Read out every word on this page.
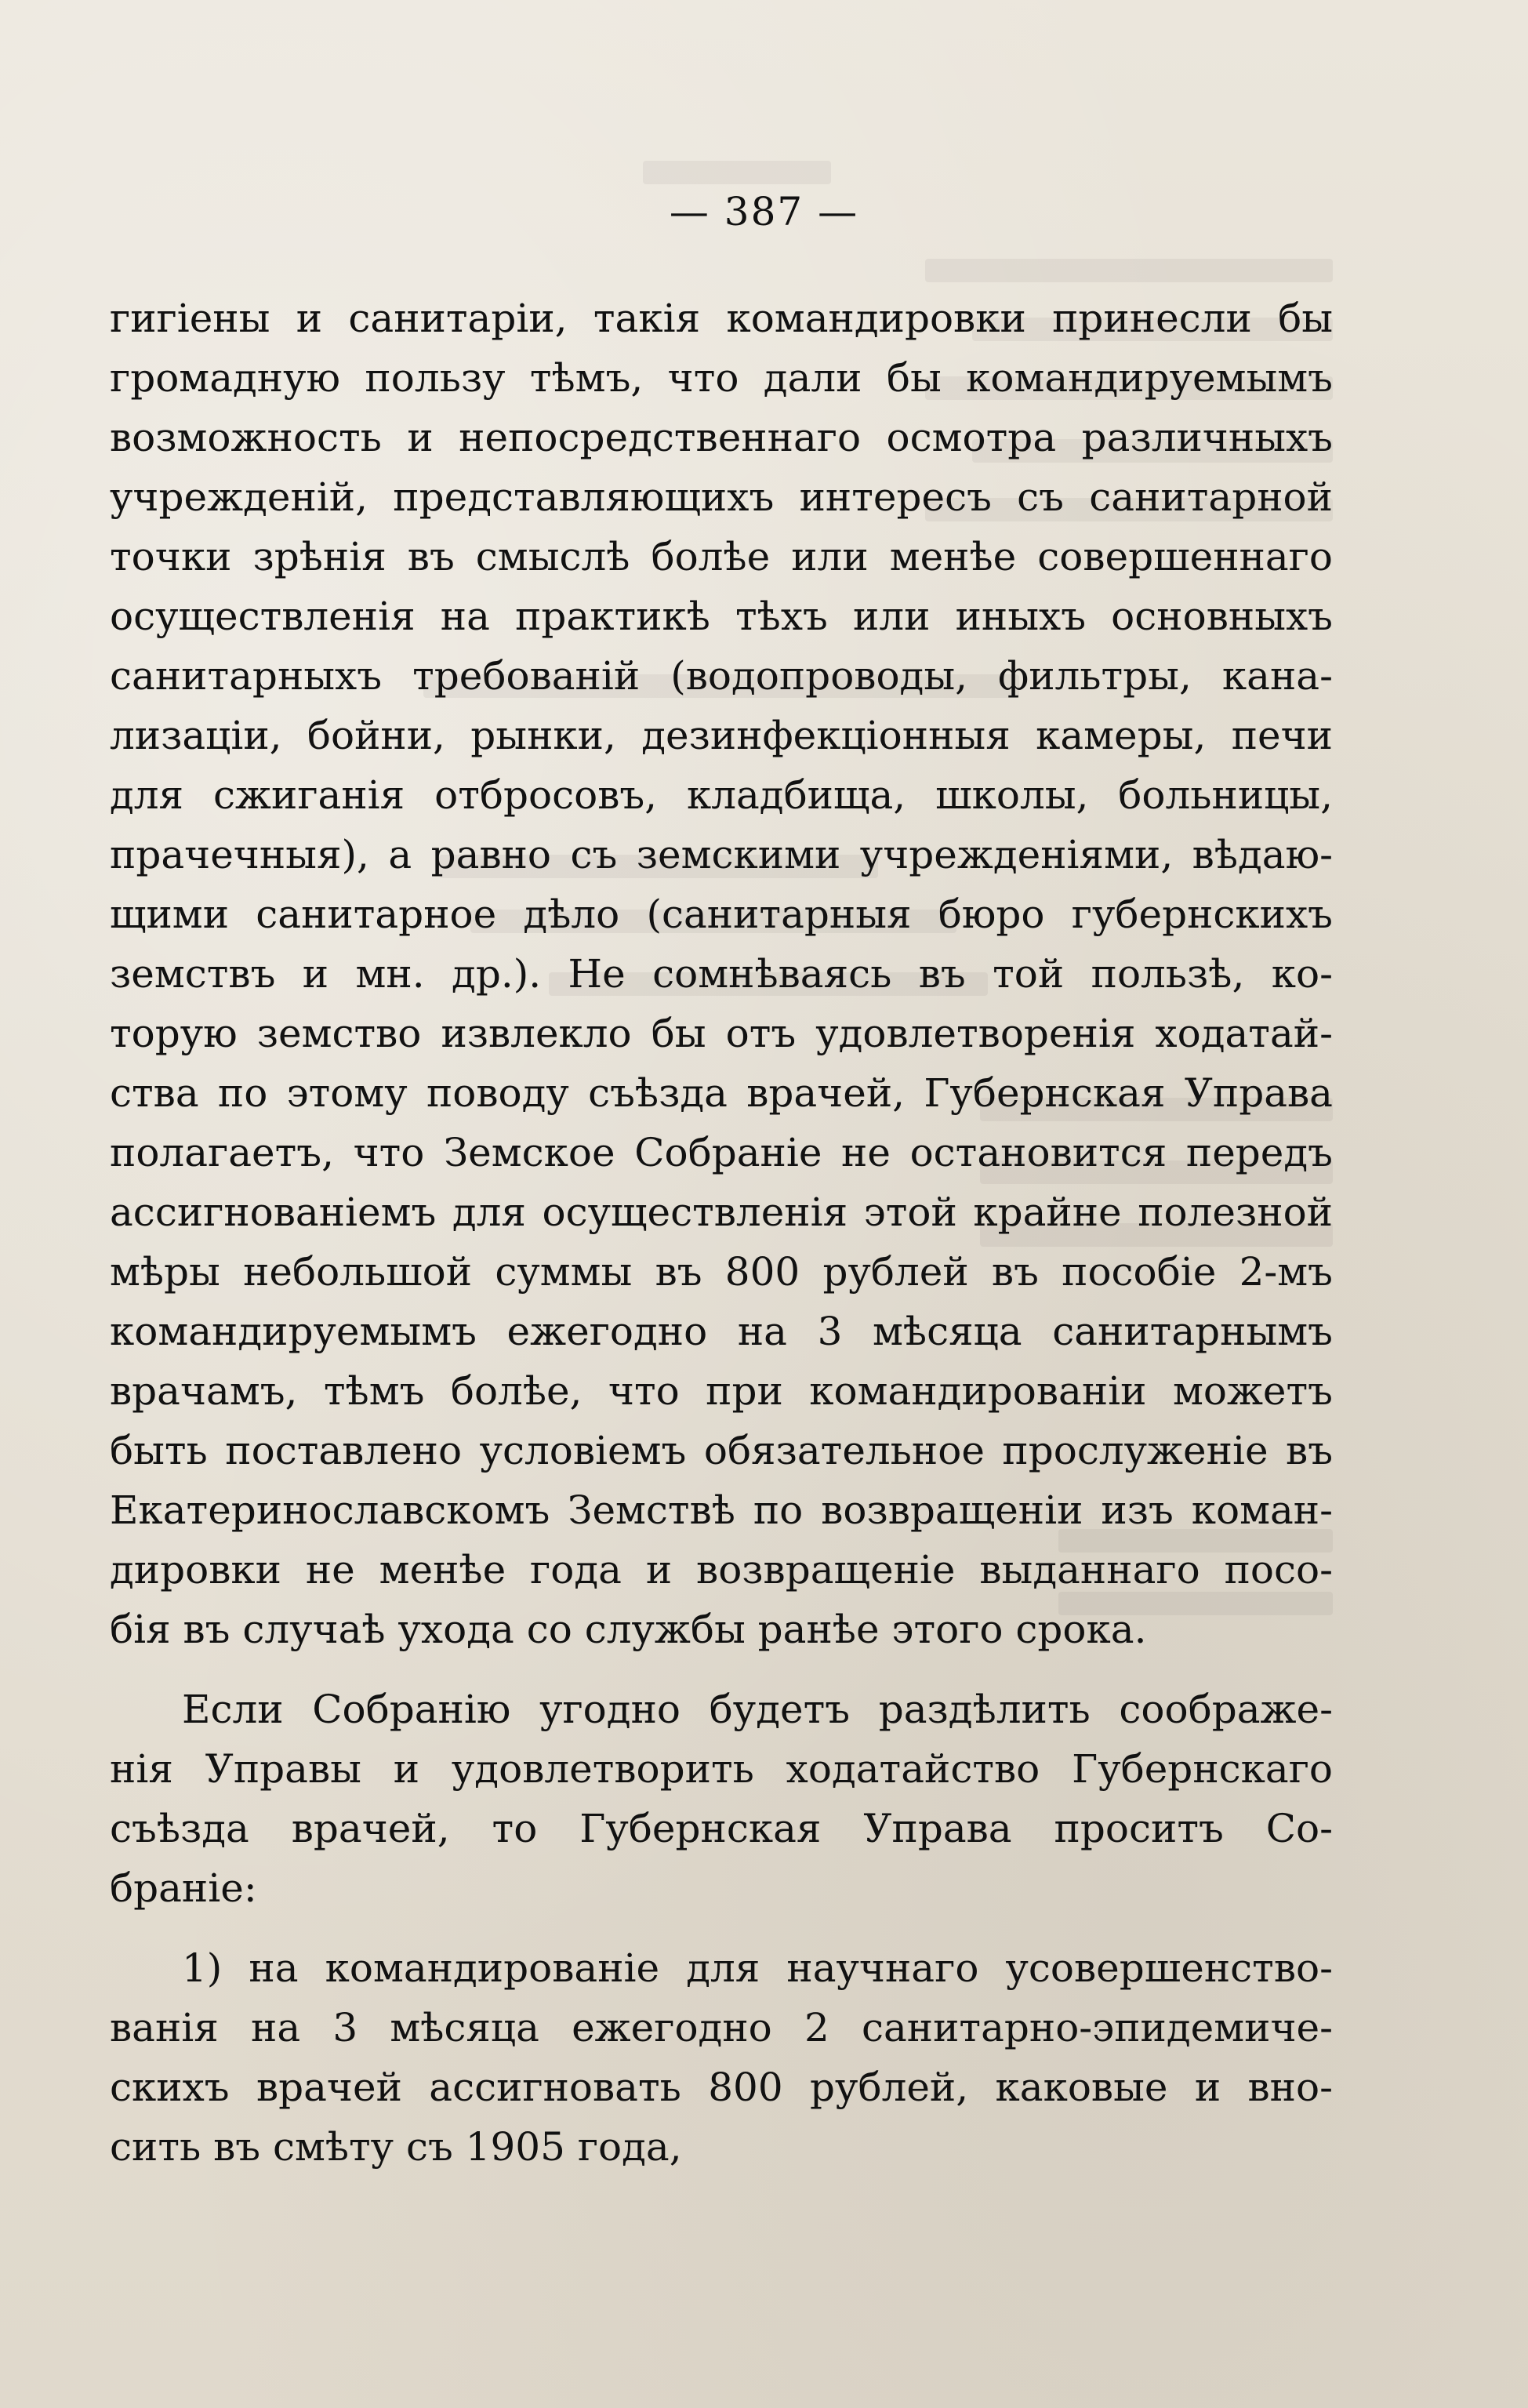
— 387 —
гигіены и санитаріи, такія командировки принесли бы
громадную пользу тѣмъ, что дали бы командируемымъ
возможность и непосредственнаго осмотра различныхъ
учрежденій, представляющихъ интересъ съ санитарной
точки зрѣнія въ смыслѣ болѣе или менѣе совершеннаго
осуществленія на практикѣ тѣхъ или иныхъ основныхъ
санитарныхъ требованій (водопроводы, фильтры, кана-
лизаціи, бойни, рынки, дезинфекціонныя камеры, печи
для сжиганія отбросовъ, кладбища, школы, больницы,
прачечныя), а равно съ земскими учрежденіями, вѣдаю-
щими санитарное дѣло (санитарныя бюро губернскихъ
земствъ и мн. др.). Не сомнѣваясь въ той пользѣ, ко-
торую земство извлекло бы отъ удовлетворенія ходатай-
ства по этому поводу съѣзда врачей, Губернская Управа
полагаетъ, что Земское Собраніе не остановится передъ
ассигнованіемъ для осуществленія этой крайне полезной
мѣры небольшой суммы въ 800 рублей въ пособіе 2-мъ
командируемымъ ежегодно на 3 мѣсяца санитарнымъ
врачамъ, тѣмъ болѣе, что при командированіи можетъ
быть поставлено условіемъ обязательное прослуженіе въ
Екатеринославскомъ Земствѣ по возвращеніи изъ коман-
дировки не менѣе года и возвращеніе выданнаго посо-
бія въ случаѣ ухода со службы ранѣе этого срока.
Если Собранію угодно будетъ раздѣлить соображе-
нія Управы и удовлетворить ходатайство Губернскаго
съѣзда врачей, то Губернская Управа проситъ Со-
браніе:
1) на командированіе для научнаго усовершенство-
ванія на 3 мѣсяца ежегодно 2 санитарно-эпидемиче-
скихъ врачей ассигновать 800 рублей, каковые и вно-
сить въ смѣту съ 1905 года,
